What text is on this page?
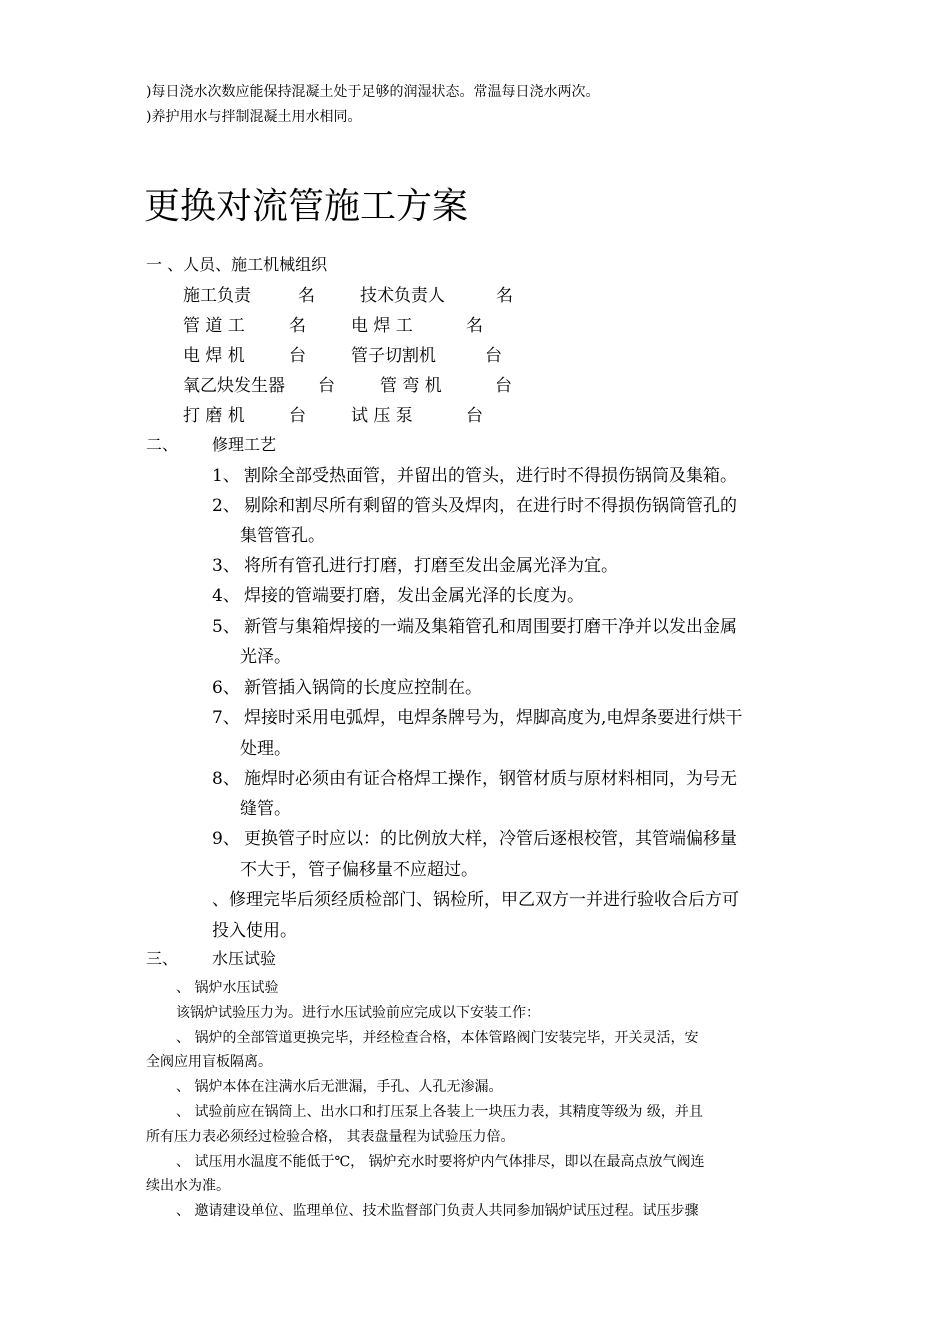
)每日浇水次数应能保持混凝土处于足够的润湿状态。常温每日浇水两次。
)养护用水与拌制混凝土用水相同。
更换对流管施工方案
一 、人员、施工机械组织
施工负责	名	技术负责人	名
管 道 工	名	电 焊 工	名
电 焊 机	台	管子切割机	台
氧乙炔发生器 台	管 弯 机	台
打 磨 机	台	试 压 泵	台
二、 修理工艺
1、 割除全部受热面管，并留出的管头，进行时不得损伤锅筒及集箱。
2、 剔除和割尽所有剩留的管头及焊肉，在进行时不得损伤锅筒管孔的
集管管孔。
3、 将所有管孔进行打磨，打磨至发出金属光泽为宜。
4、 焊接的管端要打磨，发出金属光泽的长度为。
5、 新管与集箱焊接的一端及集箱管孔和周围要打磨干净并以发出金属
光泽。
6、 新管插入锅筒的长度应控制在。
7、 焊接时采用电弧焊，电焊条牌号为，焊脚高度为,电焊条要进行烘干
处理。
8、 施焊时必须由有证合格焊工操作，钢管材质与原材料相同，为号无
缝管。
9、 更换管子时应以：的比例放大样，冷管后逐根校管，其管端偏移量
不大于，管子偏移量不应超过。
、修理完毕后须经质检部门、锅检所，甲乙双方一并进行验收合后方可
投入使用。
三、 水压试验
、 锅炉水压试验
该锅炉试验压力为。进行水压试验前应完成以下安装工作：
、 锅炉的全部管道更换完毕，并经检查合格，本体管路阀门安装完毕，开关灵活，安
全阀应用盲板隔离。
、 锅炉本体在注满水后无泄漏，手孔、人孔无渗漏。
、 试验前应在锅筒上、出水口和打压泵上各装上一块压力表，其精度等级为 级，并且
所有压力表必须经过检验合格， 其表盘量程为试验压力倍。
、 试压用水温度不能低于℃， 锅炉充水时要将炉内气体排尽，即以在最高点放气阀连
续出水为准。
、 邀请建设单位、监理单位、技术监督部门负责人共同参加锅炉试压过程。试压步骤
